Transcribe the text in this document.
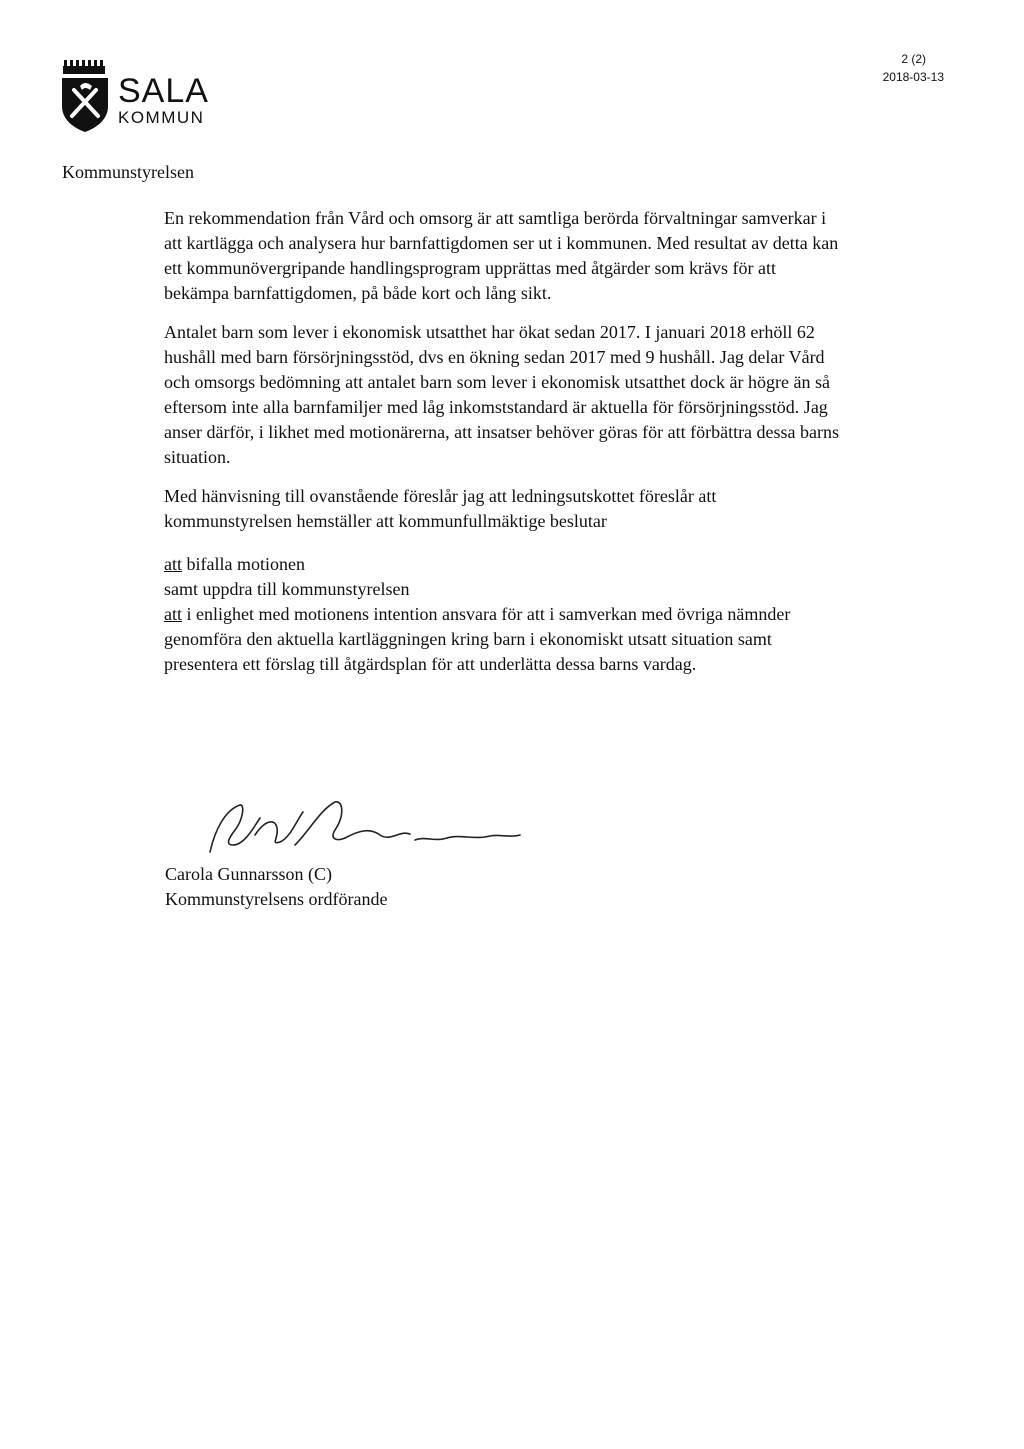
2 (2)
2018-03-13
SALA
KOMMUN
Kommunstyrelsen

En rekommendation från Vård och omsorg är att samtliga berörda förvaltningar samverkar i att kartlägga och analysera hur barnfattigdomen ser ut i kommunen. Med resultat av detta kan ett kommunövergripande handlingsprogram upprättas med åtgärder som krävs för att bekämpa barnfattigdomen, på både kort och lång sikt.

Antalet barn som lever i ekonomisk utsatthet har ökat sedan 2017. I januari 2018 erhöll 62 hushåll med barn försörjningsstöd, dvs en ökning sedan 2017 med 9 hushåll. Jag delar Vård och omsorgs bedömning att antalet barn som lever i ekonomisk utsatthet dock är högre än så eftersom inte alla barnfamiljer med låg inkomststandard är aktuella för försörjningsstöd. Jag anser därför, i likhet med motionärerna, att insatser behöver göras för att förbättra dessa barns situation.

Med hänvisning till ovanstående föreslår jag att ledningsutskottet föreslår att kommunstyrelsen hemställer att kommunfullmäktige beslutar

att bifalla motionen
samt uppdra till kommunstyrelsen
att i enlighet med motionens intention ansvara för att i samverkan med övriga nämnder genomföra den aktuella kartläggningen kring barn i ekonomiskt utsatt situation samt presentera ett förslag till åtgärdsplan för att underlätta dessa barns vardag.
Carola Gunnarsson (C)
Kommunstyrelsens ordförande
